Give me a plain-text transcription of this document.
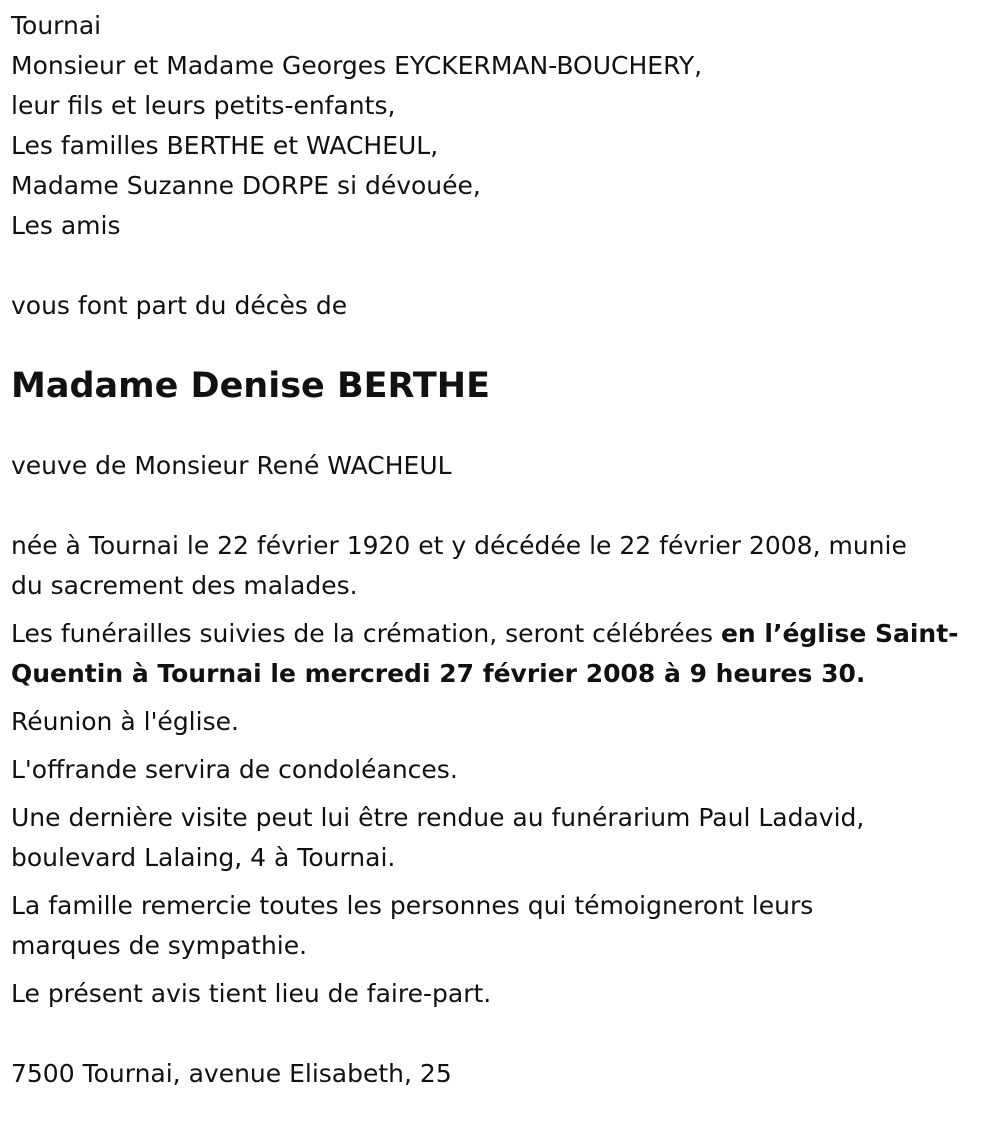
Tournai
Monsieur et Madame Georges EYCKERMAN-BOUCHERY,
leur fils et leurs petits-enfants,
Les familles BERTHE et WACHEUL,
Madame Suzanne DORPE si dévouée,
Les amis
vous font part du décès de
Madame Denise BERTHE
veuve de Monsieur René WACHEUL
née à Tournai le 22 février 1920 et y décédée le 22 février 2008, munie
du sacrement des malades.
Les funérailles suivies de la crémation, seront célébrées en l’église Saint-
Quentin à Tournai le mercredi 27 février 2008 à 9 heures 30.
Réunion à l'église.
L'offrande servira de condoléances.
Une dernière visite peut lui être rendue au funérarium Paul Ladavid,
boulevard Lalaing, 4 à Tournai.
La famille remercie toutes les personnes qui témoigneront leurs
marques de sympathie.
Le présent avis tient lieu de faire-part.
7500 Tournai, avenue Elisabeth, 25
